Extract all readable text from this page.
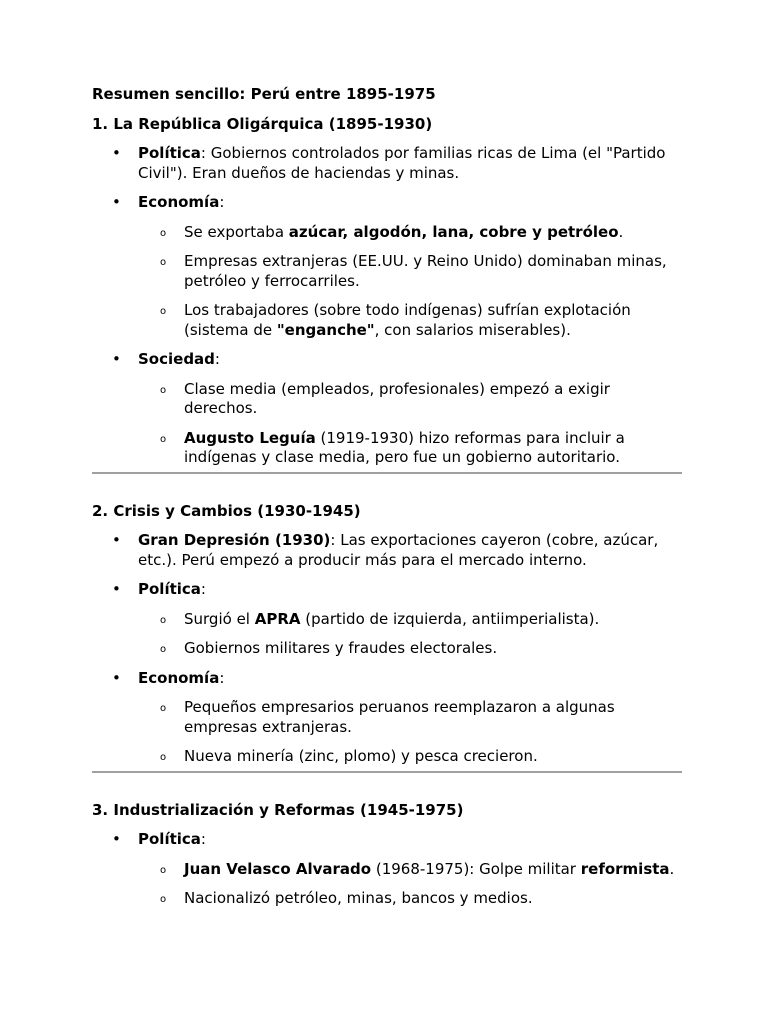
Resumen sencillo: Perú entre 1895-1975
1. La República Oligárquica (1895-1930)
• Política: Gobiernos controlados por familias ricas de Lima (el "Partido Civil"). Eran dueños de haciendas y minas.
• Economía:
o Se exportaba azúcar, algodón, lana, cobre y petróleo.
o Empresas extranjeras (EE.UU. y Reino Unido) dominaban minas, petróleo y ferrocarriles.
o Los trabajadores (sobre todo indígenas) sufrían explotación (sistema de "enganche", con salarios miserables).
• Sociedad:
o Clase media (empleados, profesionales) empezó a exigir derechos.
o Augusto Leguía (1919-1930) hizo reformas para incluir a indígenas y clase media, pero fue un gobierno autoritario.
2. Crisis y Cambios (1930-1945)
• Gran Depresión (1930): Las exportaciones cayeron (cobre, azúcar, etc.). Perú empezó a producir más para el mercado interno.
• Política:
o Surgió el APRA (partido de izquierda, antiimperialista).
o Gobiernos militares y fraudes electorales.
• Economía:
o Pequeños empresarios peruanos reemplazaron a algunas empresas extranjeras.
o Nueva minería (zinc, plomo) y pesca crecieron.
3. Industrialización y Reformas (1945-1975)
• Política:
o Juan Velasco Alvarado (1968-1975): Golpe militar reformista.
o Nacionalizó petróleo, minas, bancos y medios.
